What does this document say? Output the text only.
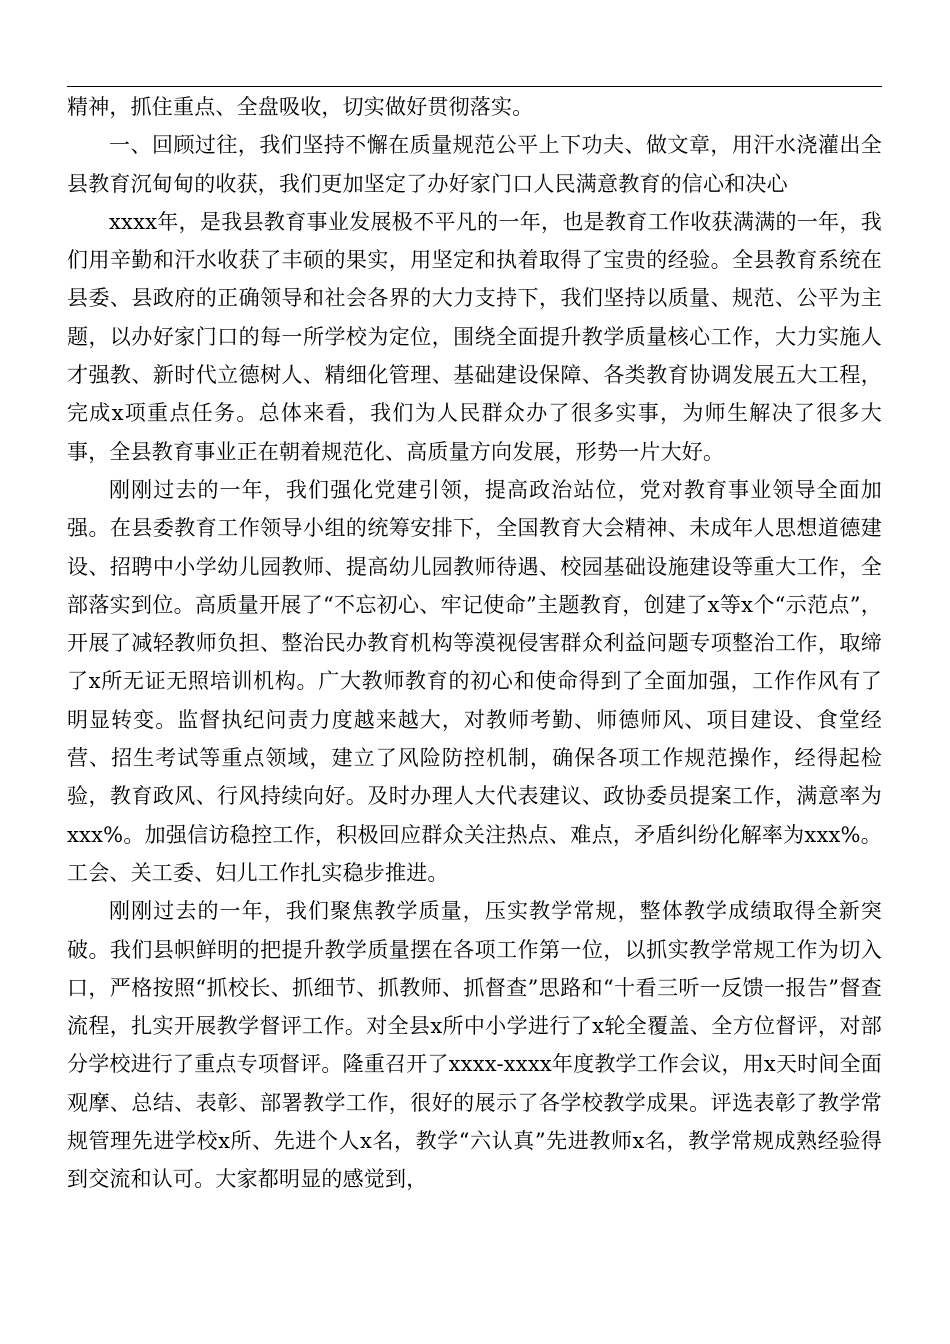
精神，抓住重点、全盘吸收，切实做好贯彻落实。

一、回顾过往，我们坚持不懈在质量规范公平上下功夫、做文章，用汗水浇灌出全县教育沉甸甸的收获，我们更加坚定了办好家门口人民满意教育的信心和决心

xxxx年，是我县教育事业发展极不平凡的一年，也是教育工作收获满满的一年，我们用辛勤和汗水收获了丰硕的果实，用坚定和执着取得了宝贵的经验。全县教育系统在县委、县政府的正确领导和社会各界的大力支持下，我们坚持以质量、规范、公平为主题，以办好家门口的每一所学校为定位，围绕全面提升教学质量核心工作，大力实施人才强教、新时代立德树人、精细化管理、基础建设保障、各类教育协调发展五大工程，完成x项重点任务。总体来看，我们为人民群众办了很多实事，为师生解决了很多大事，全县教育事业正在朝着规范化、高质量方向发展，形势一片大好。

刚刚过去的一年，我们强化党建引领，提高政治站位，党对教育事业领导全面加强。在县委教育工作领导小组的统筹安排下，全国教育大会精神、未成年人思想道德建设、招聘中小学幼儿园教师、提高幼儿园教师待遇、校园基础设施建设等重大工作，全部落实到位。高质量开展了“不忘初心、牢记使命”主题教育，创建了x等x个“示范点”，开展了减轻教师负担、整治民办教育机构等漠视侵害群众利益问题专项整治工作，取缔了x所无证无照培训机构。广大教师教育的初心和使命得到了全面加强，工作作风有了明显转变。监督执纪问责力度越来越大，对教师考勤、师德师风、项目建设、食堂经营、招生考试等重点领域，建立了风险防控机制，确保各项工作规范操作，经得起检验，教育政风、行风持续向好。及时办理人大代表建议、政协委员提案工作，满意率为xxx%。加强信访稳控工作，积极回应群众关注热点、难点，矛盾纠纷化解率为xxx%。工会、关工委、妇儿工作扎实稳步推进。

刚刚过去的一年，我们聚焦教学质量，压实教学常规，整体教学成绩取得全新突破。我们县帜鲜明的把提升教学质量摆在各项工作第一位，以抓实教学常规工作为切入口，严格按照“抓校长、抓细节、抓教师、抓督查”思路和“十看三听一反馈一报告”督查流程，扎实开展教学督评工作。对全县x所中小学进行了x轮全覆盖、全方位督评，对部分学校进行了重点专项督评。隆重召开了xxxx-xxxx年度教学工作会议，用x天时间全面观摩、总结、表彰、部署教学工作，很好的展示了各学校教学成果。评选表彰了教学常规管理先进学校x所、先进个人x名，教学“六认真”先进教师x名，教学常规成熟经验得到交流和认可。大家都明显的感觉到，
